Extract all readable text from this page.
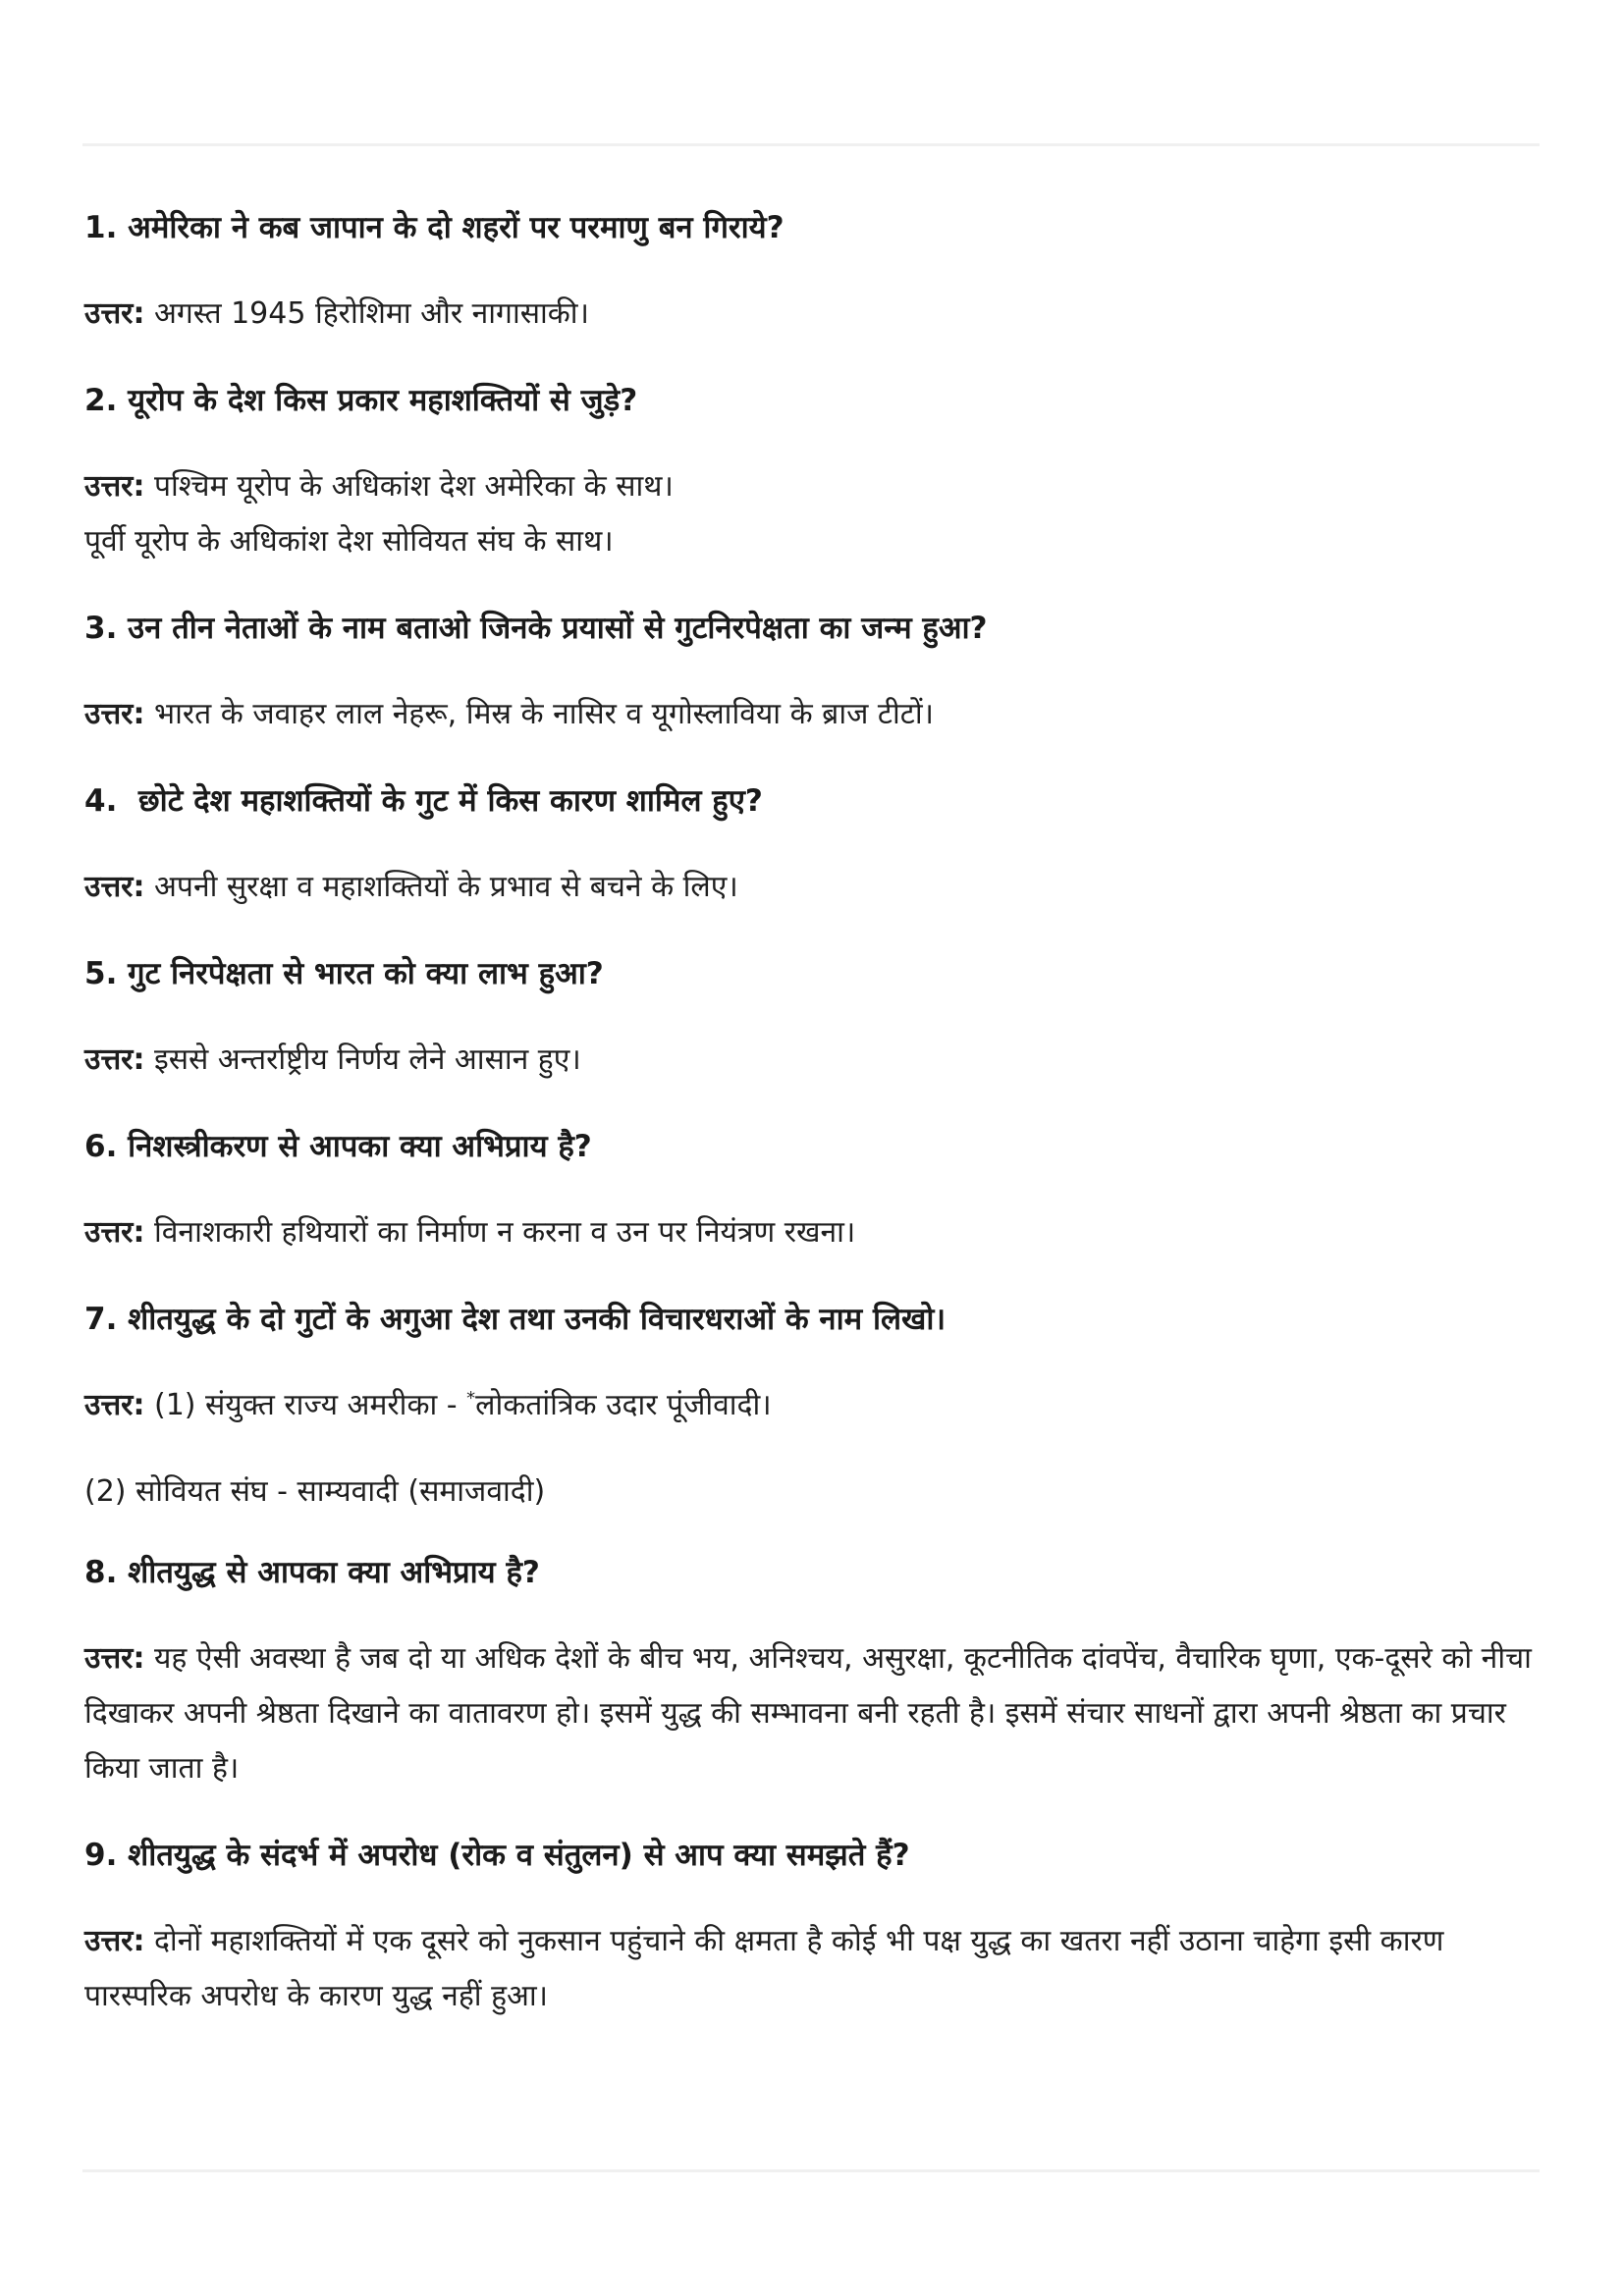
1. अमेरिका ने कब जापान के दो शहरों पर परमाणु बन गिराये?

उत्तर: अगस्त 1945 हिरोशिमा और नागासाकी।

2. यूरोप के देश किस प्रकार महाशक्तियों से जुड़े?

उत्तर: पश्चिम यूरोप के अधिकांश देश अमेरिका के साथ।

पूर्वी यूरोप के अधिकांश देश सोवियत संघ के साथ।

3. उन तीन नेताओं के नाम बताओ जिनके प्रयासों से गुटनिरपेक्षता का जन्म हुआ?

उत्तर: भारत के जवाहर लाल नेहरू, मिस्र के नासिर व यूगोस्लाविया के ब्राज टीटों।

4.  छोटे देश महाशक्तियों के गुट में किस कारण शामिल हुए?

उत्तर: अपनी सुरक्षा व महाशक्तियों के प्रभाव से बचने के लिए।

5. गुट निरपेक्षता से भारत को क्या लाभ हुआ?

उत्तर: इससे अन्तर्राष्ट्रीय निर्णय लेने आसान हुए।

6. निशस्त्रीकरण से आपका क्या अभिप्राय है?

उत्तर: विनाशकारी हथियारों का निर्माण न करना व उन पर नियंत्रण रखना।

7. शीतयुद्ध के दो गुटों के अगुआ देश तथा उनकी विचारधराओं के नाम लिखो।

उत्तर: (1) संयुक्त राज्य अमरीका - *लोकतांत्रिक उदार पूंजीवादी।

(2) सोवियत संघ - साम्यवादी (समाजवादी)

8. शीतयुद्ध से आपका क्या अभिप्राय है?

उत्तर: यह ऐसी अवस्था है जब दो या अधिक देशों के बीच भय, अनिश्चय, असुरक्षा, कूटनीतिक दांवपेंच, वैचारिक घृणा, एक-दूसरे को नीचा दिखाकर अपनी श्रेष्ठता दिखाने का वातावरण हो। इसमें युद्ध की सम्भावना बनी रहती है। इसमें संचार साधनों द्वारा अपनी श्रेष्ठता का प्रचार किया जाता है।

9. शीतयुद्ध के संदर्भ में अपरोध (रोक व संतुलन) से आप क्या समझते हैं?

उत्तर: दोनों महाशक्तियों में एक दूसरे को नुकसान पहुंचाने की क्षमता है कोई भी पक्ष युद्ध का खतरा नहीं उठाना चाहेगा इसी कारण पारस्परिक अपरोध के कारण युद्ध नहीं हुआ।
